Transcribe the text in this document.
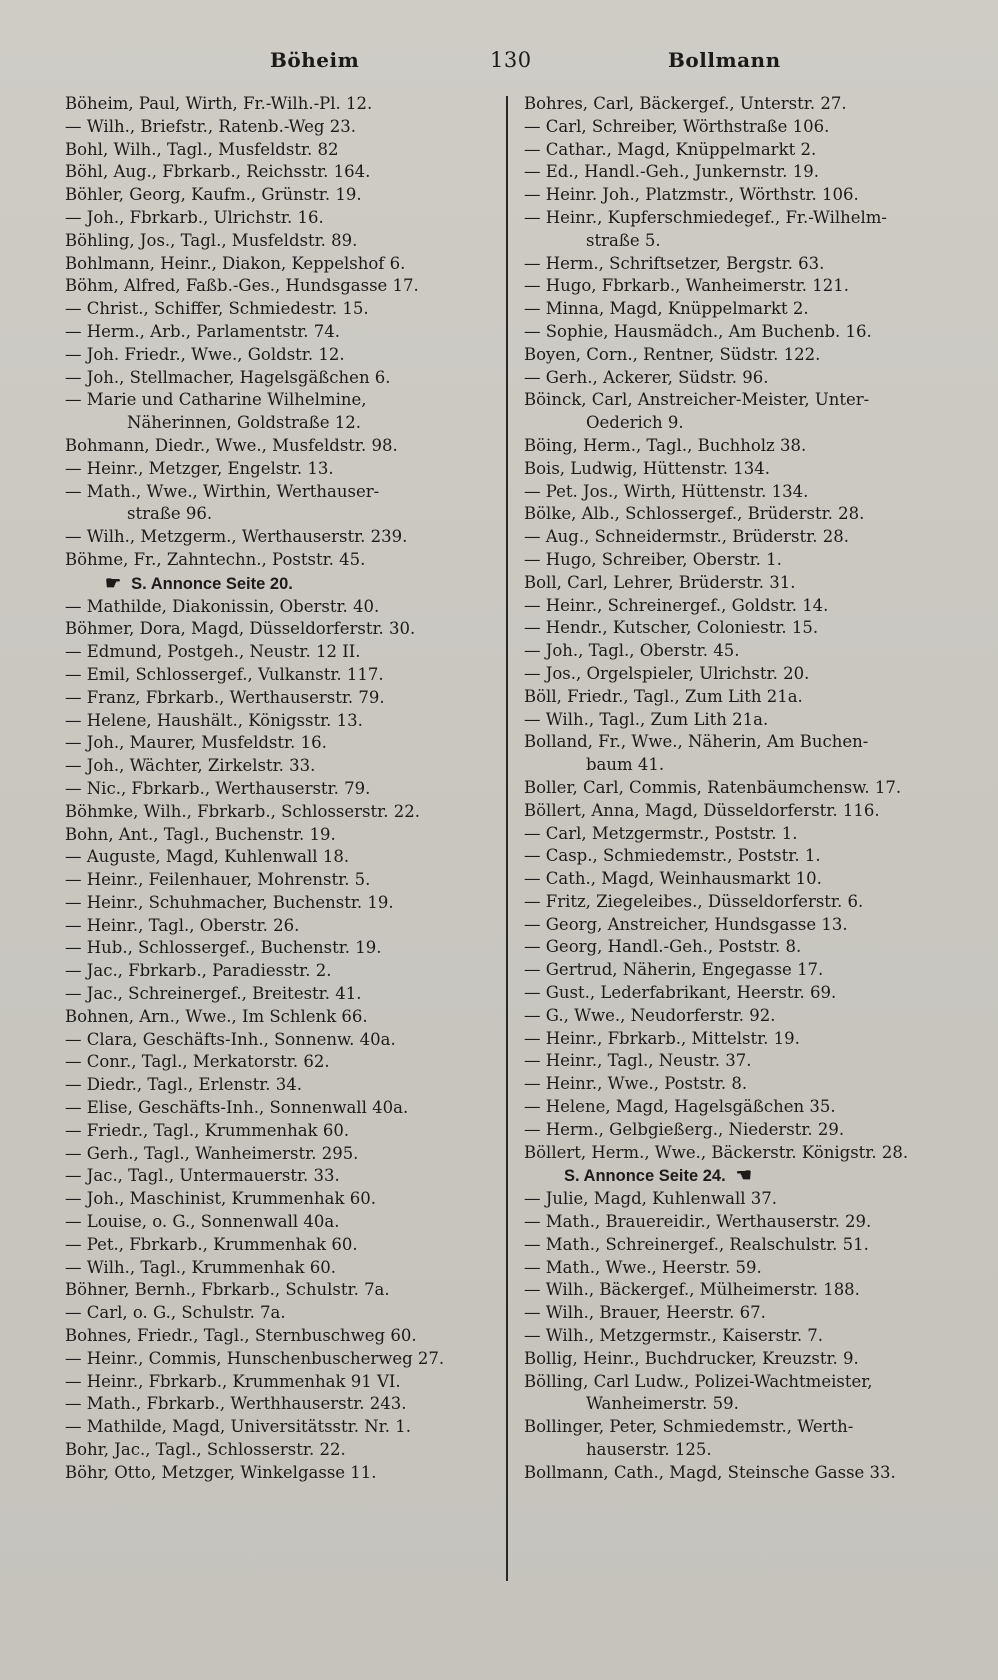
Böheim	130	Bollmann
Böheim, Paul, Wirth, Fr.-Wilh.-Pl. 12.
— Wilh., Briefstr., Ratenb.-Weg 23.
Bohl, Wilh., Tagl., Musfeldstr. 82
Böhl, Aug., Fbrkarb., Reichsstr. 164.
Böhler, Georg, Kaufm., Grünstr. 19.
— Joh., Fbrkarb., Ulrichstr. 16.
Böhling, Jos., Tagl., Musfeldstr. 89.
Bohlmann, Heinr., Diakon, Keppelshof 6.
Böhm, Alfred, Faßb.-Ges., Hundsgasse 17.
— Christ., Schiffer, Schmiedestr. 15.
— Herm., Arb., Parlamentstr. 74.
— Joh. Friedr., Wwe., Goldstr. 12.
— Joh., Stellmacher, Hagelsgäßchen 6.
— Marie und Catharine Wilhelmine,
Näherinnen, Goldstraße 12.
Bohmann, Diedr., Wwe., Musfeldstr. 98.
— Heinr., Metzger, Engelstr. 13.
— Math., Wwe., Wirthin, Werthauser-
straße 96.
— Wilh., Metzgerm., Werthauserstr. 239.
Böhme, Fr., Zahntechn., Poststr. 45.
☛ S. Annonce Seite 20.
— Mathilde, Diakonissin, Oberstr. 40.
Böhmer, Dora, Magd, Düsseldorferstr. 30.
— Edmund, Postgeh., Neustr. 12 II.
— Emil, Schlossergef., Vulkanstr. 117.
— Franz, Fbrkarb., Werthauserstr. 79.
— Helene, Haushält., Königsstr. 13.
— Joh., Maurer, Musfeldstr. 16.
— Joh., Wächter, Zirkelstr. 33.
— Nic., Fbrkarb., Werthauserstr. 79.
Böhmke, Wilh., Fbrkarb., Schlosserstr. 22.
Bohn, Ant., Tagl., Buchenstr. 19.
— Auguste, Magd, Kuhlenwall 18.
— Heinr., Feilenhauer, Mohrenstr. 5.
— Heinr., Schuhmacher, Buchenstr. 19.
— Heinr., Tagl., Oberstr. 26.
— Hub., Schlossergef., Buchenstr. 19.
— Jac., Fbrkarb., Paradiesstr. 2.
— Jac., Schreinergef., Breitestr. 41.
Bohnen, Arn., Wwe., Im Schlenk 66.
— Clara, Geschäfts-Inh., Sonnenw. 40a.
— Conr., Tagl., Merkatorstr. 62.
— Diedr., Tagl., Erlenstr. 34.
— Elise, Geschäfts-Inh., Sonnenwall 40a.
— Friedr., Tagl., Krummenhak 60.
— Gerh., Tagl., Wanheimerstr. 295.
— Jac., Tagl., Untermauerstr. 33.
— Joh., Maschinist, Krummenhak 60.
— Louise, o. G., Sonnenwall 40a.
— Pet., Fbrkarb., Krummenhak 60.
— Wilh., Tagl., Krummenhak 60.
Böhner, Bernh., Fbrkarb., Schulstr. 7a.
— Carl, o. G., Schulstr. 7a.
Bohnes, Friedr., Tagl., Sternbuschweg 60.
— Heinr., Commis, Hunschenbuscherweg 27.
— Heinr., Fbrkarb., Krummenhak 91 VI.
— Math., Fbrkarb., Werthhauserstr. 243.
— Mathilde, Magd, Universitätsstr. Nr. 1.
Bohr, Jac., Tagl., Schlosserstr. 22.
Böhr, Otto, Metzger, Winkelgasse 11.
Bohres, Carl, Bäckergef., Unterstr. 27.
— Carl, Schreiber, Wörthstraße 106.
— Cathar., Magd, Knüppelmarkt 2.
— Ed., Handl.-Geh., Junkernstr. 19.
— Heinr. Joh., Platzmstr., Wörthstr. 106.
— Heinr., Kupferschmiedegef., Fr.-Wilhelm-
straße 5.
— Herm., Schriftsetzer, Bergstr. 63.
— Hugo, Fbrkarb., Wanheimerstr. 121.
— Minna, Magd, Knüppelmarkt 2.
— Sophie, Hausmädch., Am Buchenb. 16.
Boyen, Corn., Rentner, Südstr. 122.
— Gerh., Ackerer, Südstr. 96.
Böinck, Carl, Anstreicher-Meister, Unter-
Oederich 9.
Böing, Herm., Tagl., Buchholz 38.
Bois, Ludwig, Hüttenstr. 134.
— Pet. Jos., Wirth, Hüttenstr. 134.
Bölke, Alb., Schlossergef., Brüderstr. 28.
— Aug., Schneidermstr., Brüderstr. 28.
— Hugo, Schreiber, Oberstr. 1.
Boll, Carl, Lehrer, Brüderstr. 31.
— Heinr., Schreinergef., Goldstr. 14.
— Hendr., Kutscher, Coloniestr. 15.
— Joh., Tagl., Oberstr. 45.
— Jos., Orgelspieler, Ulrichstr. 20.
Böll, Friedr., Tagl., Zum Lith 21a.
— Wilh., Tagl., Zum Lith 21a.
Bolland, Fr., Wwe., Näherin, Am Buchen-
baum 41.
Boller, Carl, Commis, Ratenbäumchensw. 17.
Böllert, Anna, Magd, Düsseldorferstr. 116.
— Carl, Metzgermstr., Poststr. 1.
— Casp., Schmiedemstr., Poststr. 1.
— Cath., Magd, Weinhausmarkt 10.
— Fritz, Ziegeleibes., Düsseldorferstr. 6.
— Georg, Anstreicher, Hundsgasse 13.
— Georg, Handl.-Geh., Poststr. 8.
— Gertrud, Näherin, Engegasse 17.
— Gust., Lederfabrikant, Heerstr. 69.
— G., Wwe., Neudorferstr. 92.
— Heinr., Fbrkarb., Mittelstr. 19.
— Heinr., Tagl., Neustr. 37.
— Heinr., Wwe., Poststr. 8.
— Helene, Magd, Hagelsgäßchen 35.
— Herm., Gelbgießerg., Niederstr. 29.
Böllert, Herm., Wwe., Bäckerstr. Königstr. 28.
S. Annonce Seite 24. ☚
— Julie, Magd, Kuhlenwall 37.
— Math., Brauereidir., Werthauserstr. 29.
— Math., Schreinergef., Realschulstr. 51.
— Math., Wwe., Heerstr. 59.
— Wilh., Bäckergef., Mülheimerstr. 188.
— Wilh., Brauer, Heerstr. 67.
— Wilh., Metzgermstr., Kaiserstr. 7.
Bollig, Heinr., Buchdrucker, Kreuzstr. 9.
Bölling, Carl Ludw., Polizei-Wachtmeister,
Wanheimerstr. 59.
Bollinger, Peter, Schmiedemstr., Werth-
hauserstr. 125.
Bollmann, Cath., Magd, Steinsche Gasse 33.
